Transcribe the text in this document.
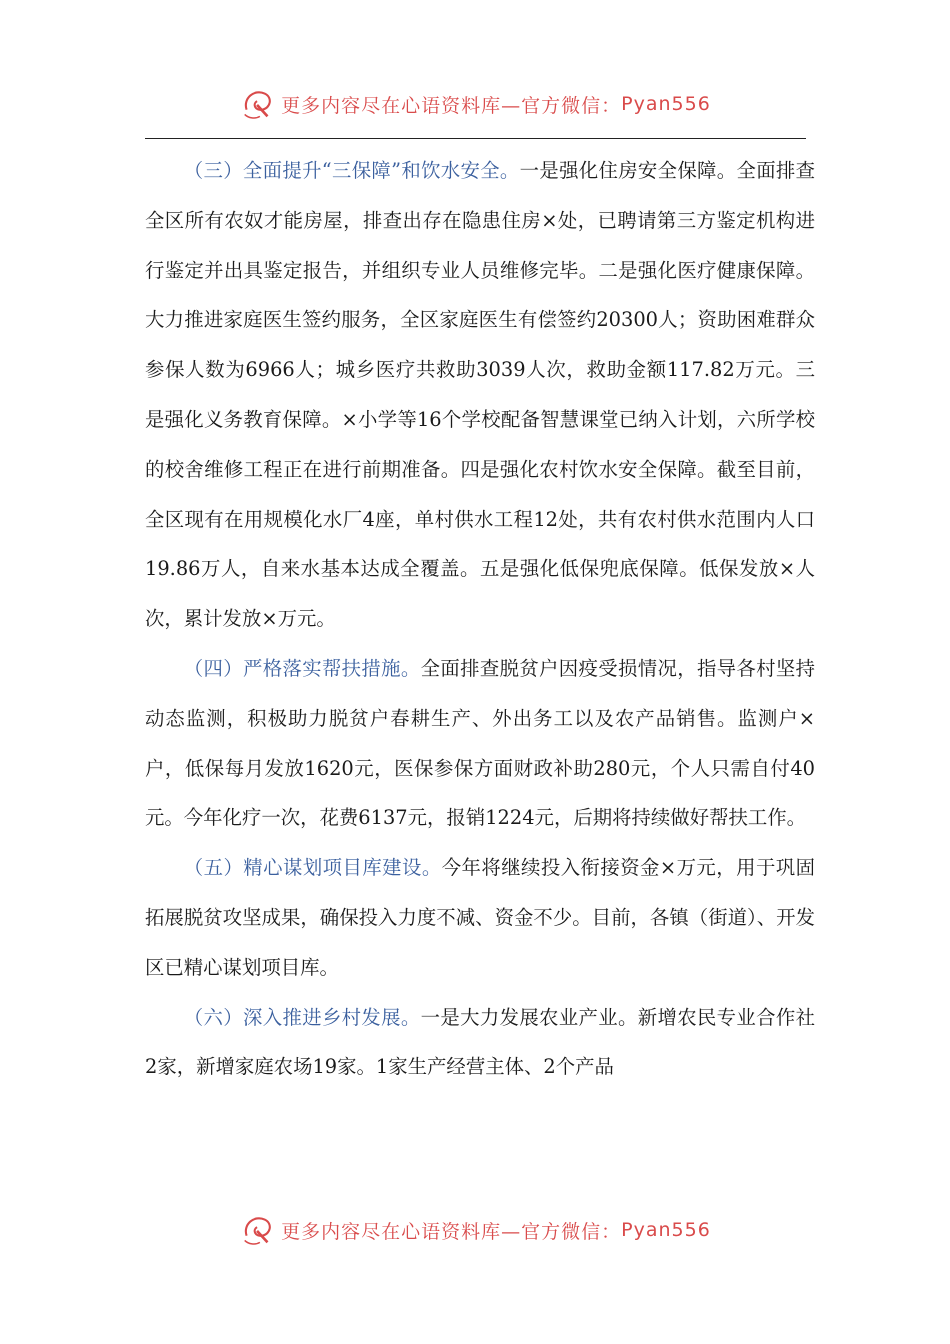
更多内容尽在心语资料库—官方微信： Pyan556

（三）全面提升“三保障”和饮水安全。一是强化住房安全保障。全面排查全区所有农奴才能房屋，排查出存在隐患住房×处，已聘请第三方鉴定机构进行鉴定并出具鉴定报告，并组织专业人员维修完毕。二是强化医疗健康保障。大力推进家庭医生签约服务，全区家庭医生有偿签约20300人；资助困难群众参保人数为6966人；城乡医疗共救助3039人次，救助金额117.82万元。三是强化义务教育保障。×小学等16个学校配备智慧课堂已纳入计划，六所学校的校舍维修工程正在进行前期准备。四是强化农村饮水安全保障。截至目前，全区现有在用规模化水厂4座，单村供水工程12处，共有农村供水范围内人口19.86万人，自来水基本达成全覆盖。五是强化低保兜底保障。低保发放×人次，累计发放×万元。

（四）严格落实帮扶措施。全面排查脱贫户因疫受损情况，指导各村坚持动态监测，积极助力脱贫户春耕生产、外出务工以及农产品销售。监测户×户，低保每月发放1620元，医保参保方面财政补助280元，个人只需自付40元。今年化疗一次，花费6137元，报销1224元，后期将持续做好帮扶工作。

（五）精心谋划项目库建设。今年将继续投入衔接资金×万元，用于巩固拓展脱贫攻坚成果，确保投入力度不减、资金不少。目前，各镇（街道）、开发区已精心谋划项目库。

（六）深入推进乡村发展。一是大力发展农业产业。新增农民专业合作社2家，新增家庭农场19家。1家生产经营主体、2个产品

更多内容尽在心语资料库—官方微信： Pyan556
